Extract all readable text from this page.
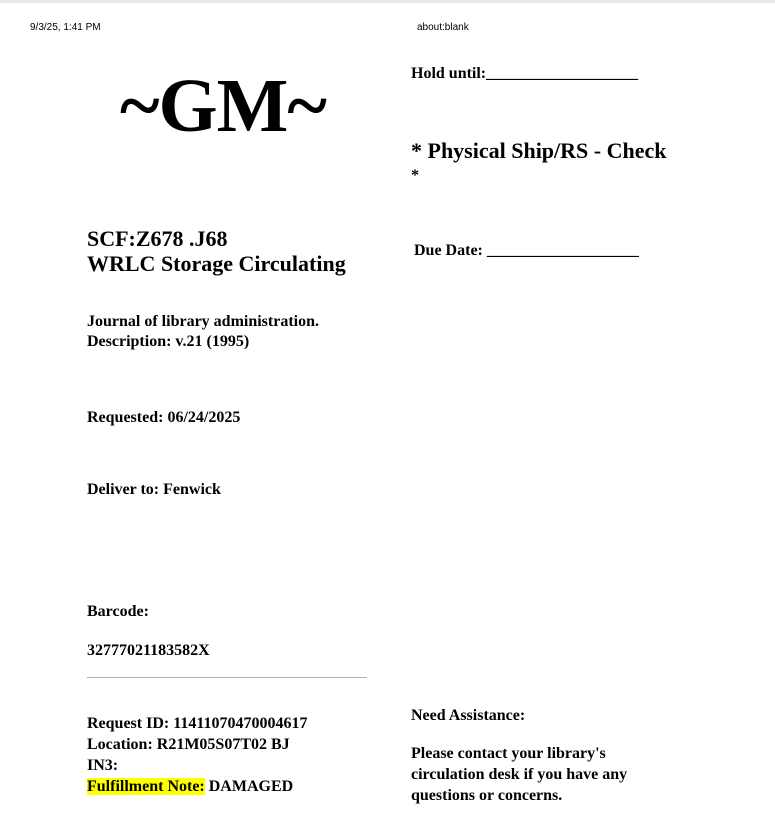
9/3/25, 1:41 PM	about:blank
~GM~
SCF:Z678 .J68
WRLC Storage Circulating
Journal of library administration.
Description: v.21 (1995)
Requested: 06/24/2025
Deliver to: Fenwick
Barcode:
32777021183582X
Request ID: 11411070470004617
Location: R21M05S07T02 BJ
IN3:
Fulfillment Note: DAMAGED
Hold until:___________________
* Physical Ship/RS - Check
*
Due Date: ___________________
Need Assistance:
Please contact your library's
circulation desk if you have any
questions or concerns.
